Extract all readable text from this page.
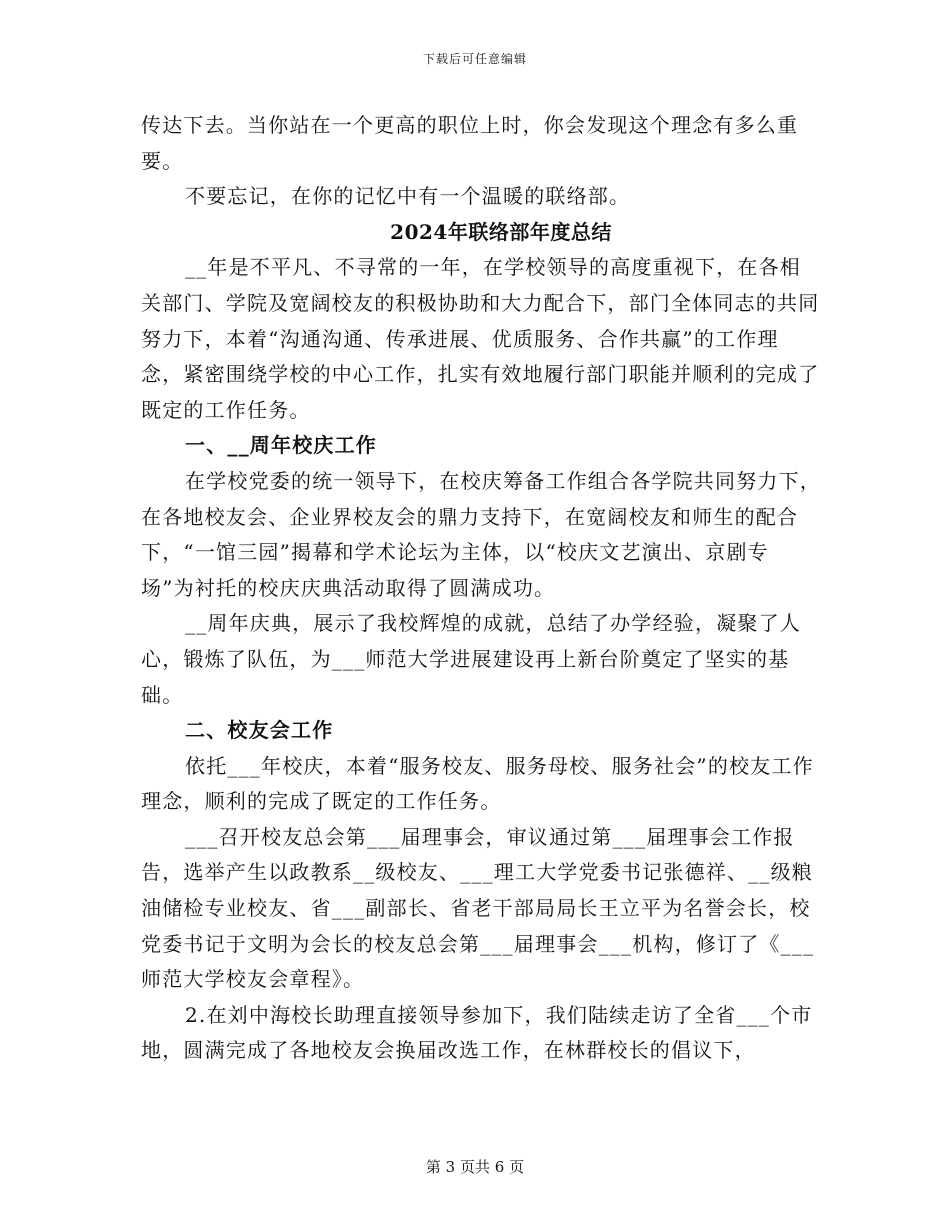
下载后可任意编辑

传达下去。当你站在一个更高的职位上时，你会发现这个理念有多么重要。

不要忘记，在你的记忆中有一个温暖的联络部。

2024年联络部年度总结

__年是不平凡、不寻常的一年，在学校领导的高度重视下，在各相关部门、学院及宽阔校友的积极协助和大力配合下，部门全体同志的共同努力下，本着“沟通沟通、传承进展、优质服务、合作共赢”的工作理念，紧密围绕学校的中心工作，扎实有效地履行部门职能并顺利的完成了既定的工作任务。

一、__周年校庆工作

在学校党委的统一领导下，在校庆筹备工作组合各学院共同努力下，在各地校友会、企业界校友会的鼎力支持下，在宽阔校友和师生的配合下，“一馆三园”揭幕和学术论坛为主体，以“校庆文艺演出、京剧专场”为衬托的校庆庆典活动取得了圆满成功。

__周年庆典，展示了我校辉煌的成就，总结了办学经验，凝聚了人心，锻炼了队伍，为___师范大学进展建设再上新台阶奠定了坚实的基础。

二、校友会工作

依托___年校庆，本着“服务校友、服务母校、服务社会”的校友工作理念，顺利的完成了既定的工作任务。

___召开校友总会第___届理事会，审议通过第___届理事会工作报告，选举产生以政教系__级校友、___理工大学党委书记张德祥、__级粮油储检专业校友、省___副部长、省老干部局局长王立平为名誉会长，校党委书记于文明为会长的校友总会第___届理事会___机构，修订了《___师范大学校友会章程》。

2.在刘中海校长助理直接领导参加下，我们陆续走访了全省___个市地，圆满完成了各地校友会换届改选工作，在林群校长的倡议下，

第 3 页共 6 页
